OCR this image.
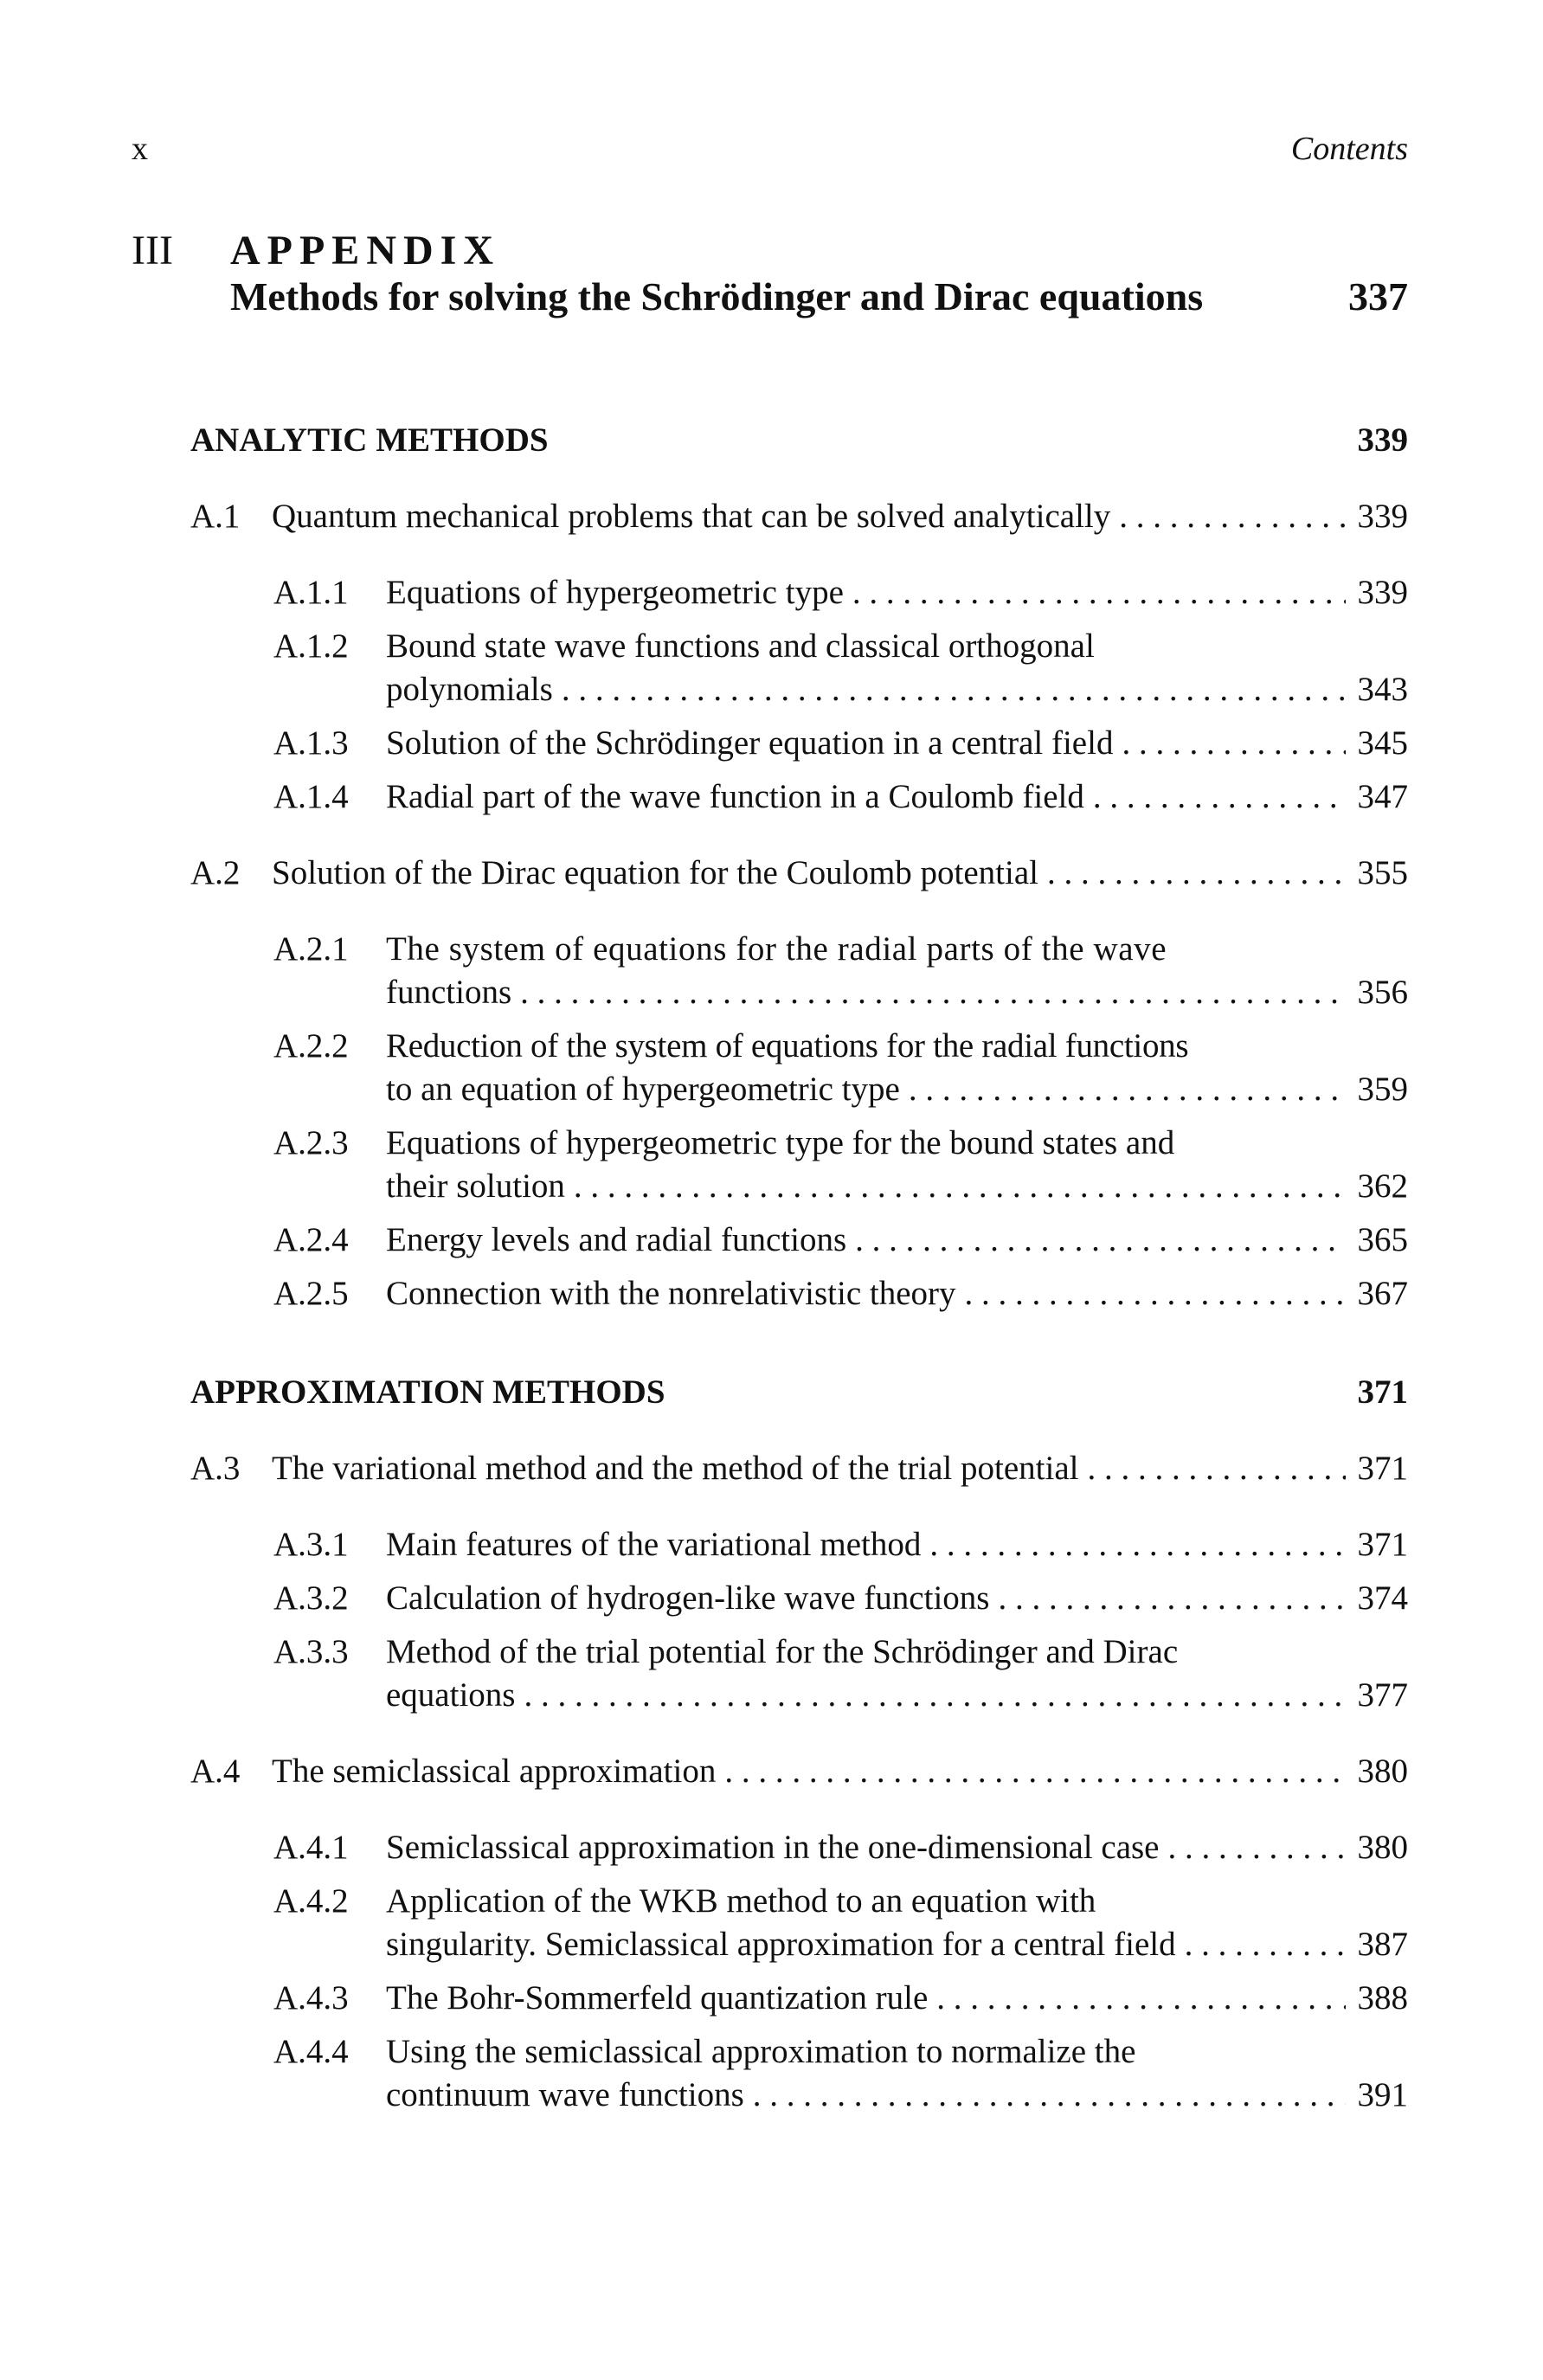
x	Contents
III APPENDIX
Methods for solving the Schrödinger and Dirac equations	337
ANALYTIC METHODS	339
A.1 Quantum mechanical problems that can be solved analytically . . .	339
A.1.1 Equations of hypergeometric type . . .	339
A.1.2 Bound state wave functions and classical orthogonal
polynomials . . .	343
A.1.3 Solution of the Schrödinger equation in a central field . . .	345
A.1.4 Radial part of the wave function in a Coulomb field . . .	347
A.2 Solution of the Dirac equation for the Coulomb potential . . .	355
A.2.1 The system of equations for the radial parts of the wave
functions . . .	356
A.2.2 Reduction of the system of equations for the radial functions
to an equation of hypergeometric type . . .	359
A.2.3 Equations of hypergeometric type for the bound states and
their solution . . .	362
A.2.4 Energy levels and radial functions . . .	365
A.2.5 Connection with the nonrelativistic theory . . .	367
APPROXIMATION METHODS	371
A.3 The variational method and the method of the trial potential . . .	371
A.3.1 Main features of the variational method . . .	371
A.3.2 Calculation of hydrogen-like wave functions . . .	374
A.3.3 Method of the trial potential for the Schrödinger and Dirac
equations . . .	377
A.4 The semiclassical approximation . . .	380
A.4.1 Semiclassical approximation in the one-dimensional case . . .	380
A.4.2 Application of the WKB method to an equation with
singularity. Semiclassical approximation for a central field . . .	387
A.4.3 The Bohr-Sommerfeld quantization rule . . .	388
A.4.4 Using the semiclassical approximation to normalize the
continuum wave functions . . .	391
